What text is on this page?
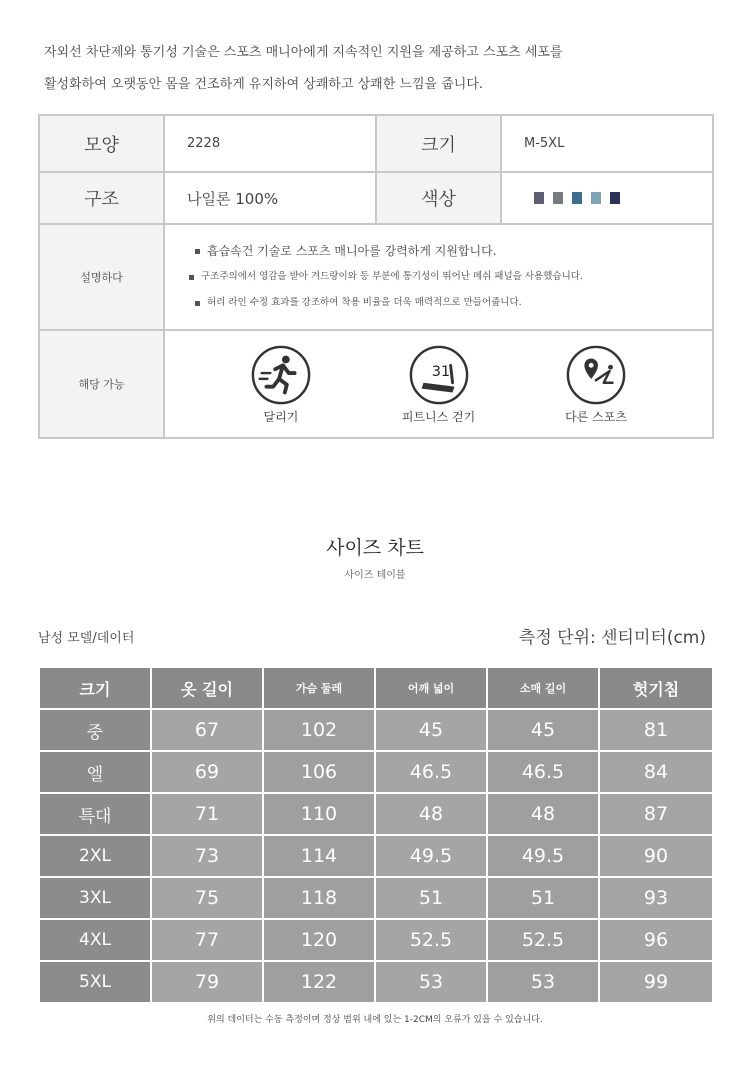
자외선 차단제와 통기성 기술은 스포츠 매니아에게 지속적인 지원을 제공하고 스포츠 세포를

활성화하여 오랫동안 몸을 건조하게 유지하여 상쾌하고 상쾌한 느낌을 줍니다.

모양	2228	크기	M-5XL
구조	나일론 100%	색상	

설명하다	흡습속건 기술로 스포츠 매니아를 강력하게 지원합니다.
구조주의에서 영감을 받아 겨드랑이와 등 부분에 통기성이 뛰어난 메쉬 패널을 사용했습니다.
허리 라인 수정 효과를 강조하여 착용 비율을 더욱 매력적으로 만들어줍니다.		

해당 가능	달리기
31
피트니스 걷기 다른 스포츠		
사이즈 차트
사이즈 테이블
남성 모델/데이터	측정 단위: 센티미터(cm)
크기	옷 길이	가슴 둘레	어깨 넓이	소매 길이	헛기침
중	67	102	45	45	81
엘	69	106	46.5	46.5	84
특대	71	110	48	48	87
2XL	73	114	49.5	49.5	90
3XL	75	118	51	51	93
4XL	77	120	52.5	52.5	96
5XL	79	122	53	53	99
위의 데이터는 수동 측정이며 정상 범위 내에 있는 1-2CM의 오류가 있을 수 있습니다.
